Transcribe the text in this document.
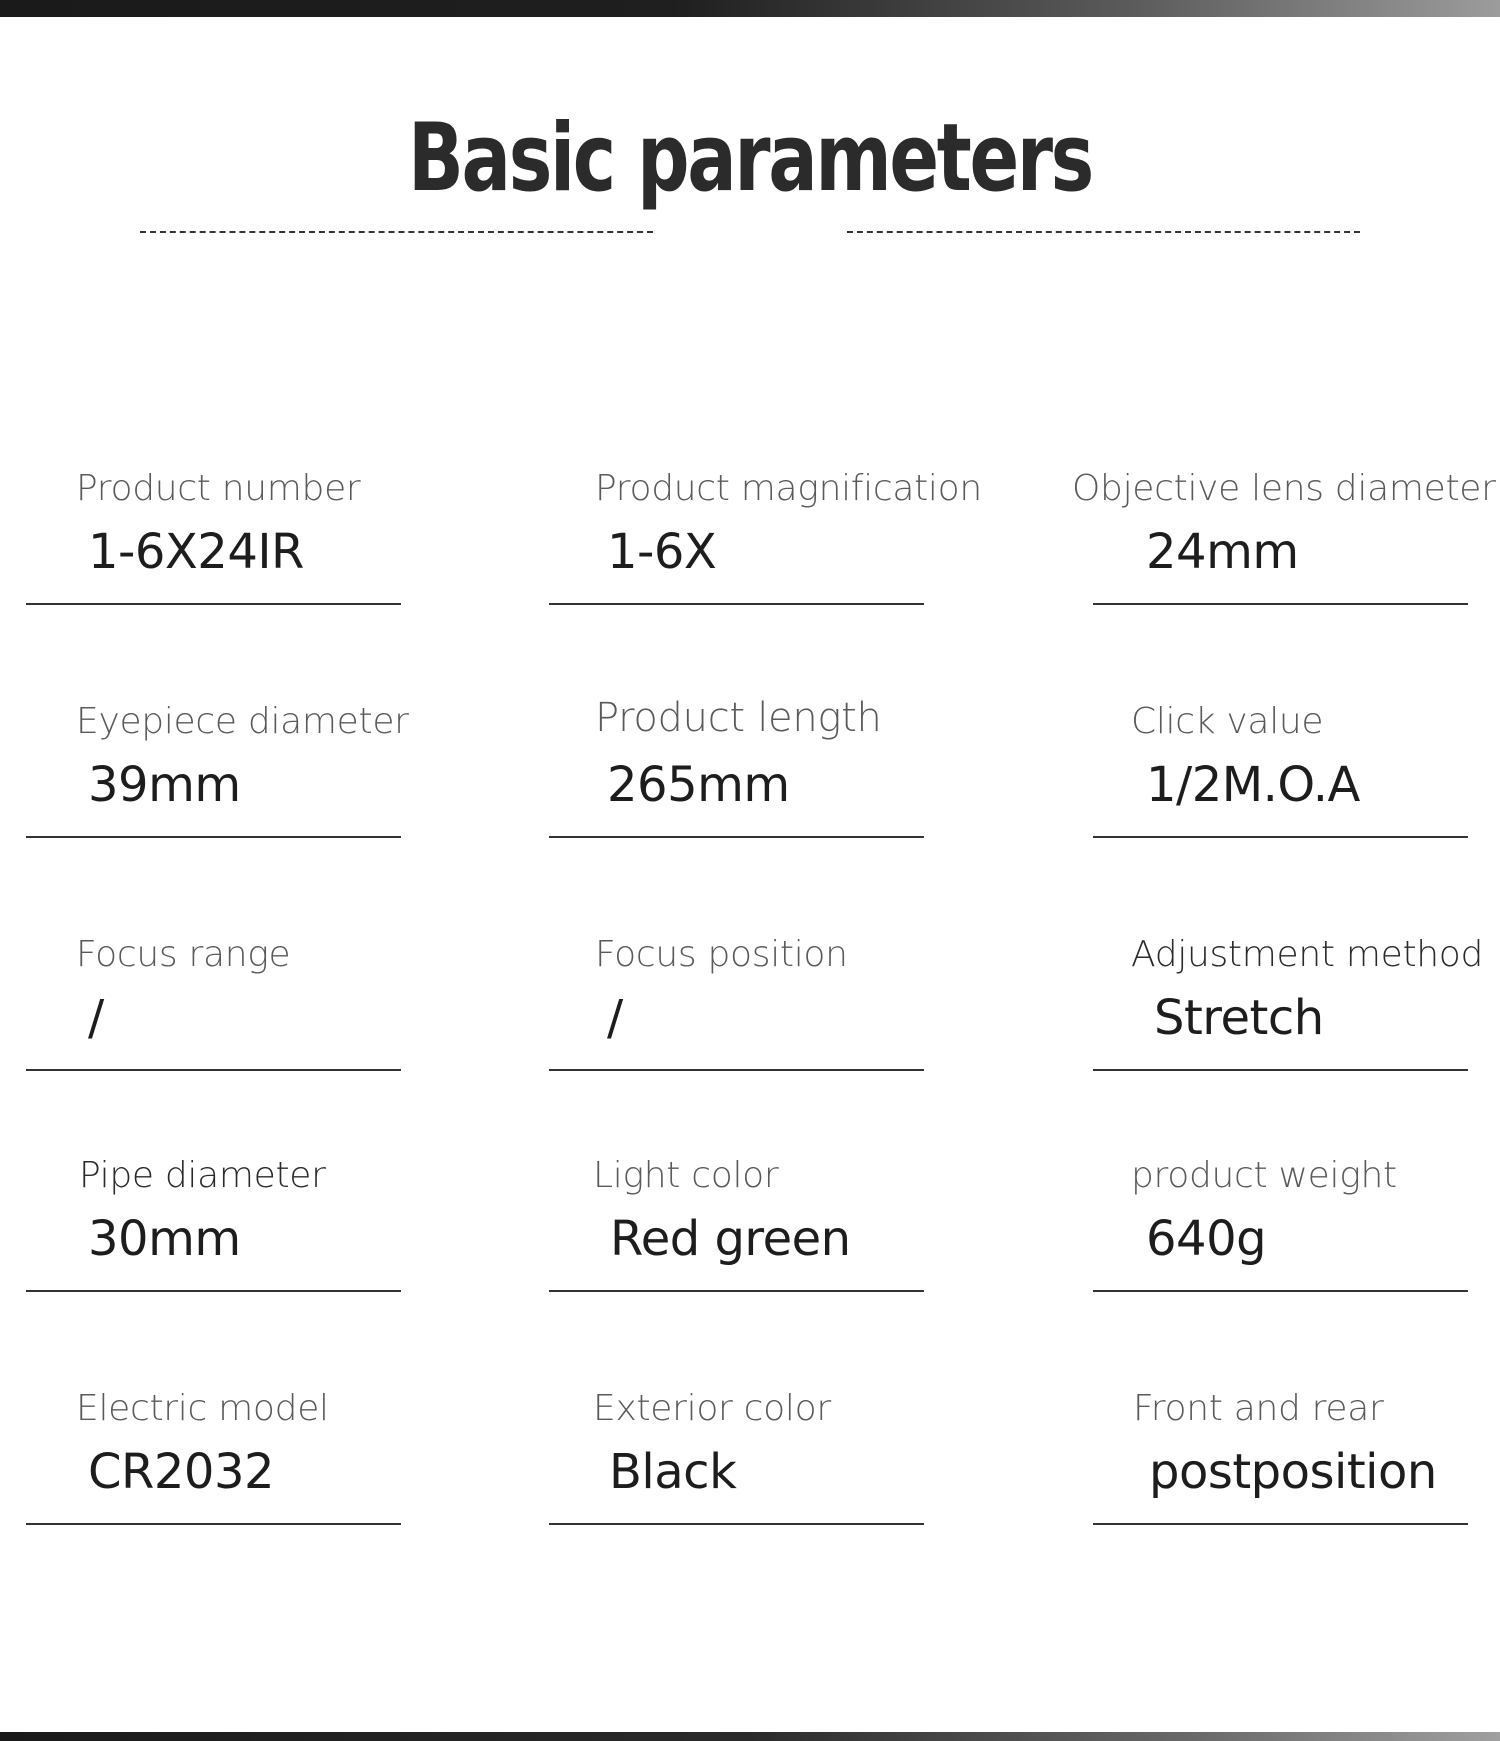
Basic parameters
Product number
1-6X24IR
Product magnification
1-6X
Objective lens diameter
24mm
Eyepiece diameter
39mm
Product length
265mm
Click value
1/2M.O.A
Focus range
/
Focus position
/
Adjustment method
Stretch
Pipe diameter
30mm
Light color
Red green
product weight
640g
Electric model
CR2032
Exterior color
Black
Front and rear
postposition
